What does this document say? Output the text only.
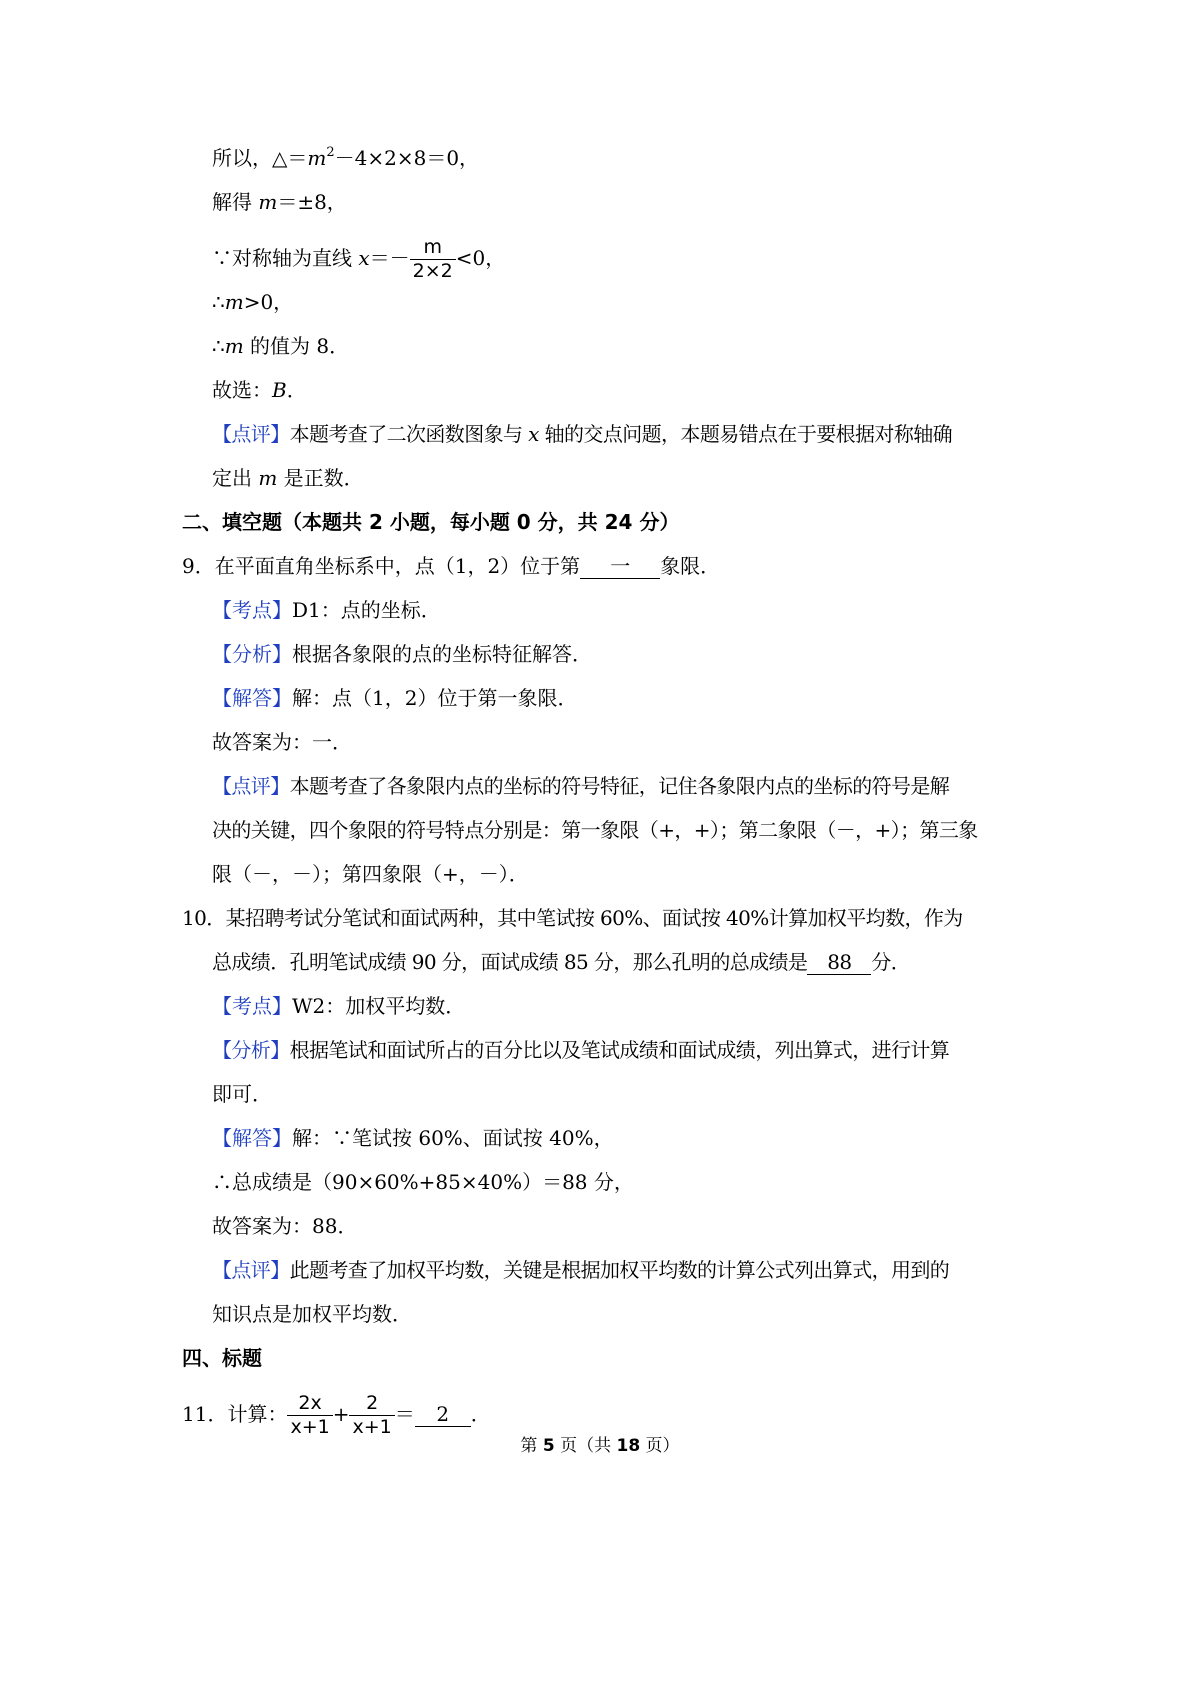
所以，$\triangle=m^2-4\times 2\times 8=0$，
解得 m＝±8，
∵对称轴为直线 $x=- \frac{m}{2\times 2} <0$，
∴m>0，
∴m 的值为 8．
故选：B．
【点评】本题考查了二次函数图象与 x 轴的交点问题，本题易错点在于要根据对称轴确
定出 m 是正数．
二、填空题（本题共 2 小题，每小题 0 分，共 24 分）
9．在平面直角坐标系中，点（1，2）位于第 一 象限．
【考点】D1：点的坐标．
【分析】根据各象限的点的坐标特征解答．
【解答】解：点（1，2）位于第一象限．
故答案为：一．
【点评】本题考查了各象限内点的坐标的符号特征，记住各象限内点的坐标的符号是解
决的关键，四个象限的符号特点分别是：第一象限（+，+）；第二象限（－，+）；第三象
限（－，－）；第四象限（+，－）．
10．某招聘考试分笔试和面试两种，其中笔试按 60%、面试按 40%计算加权平均数，作为
总成绩．孔明笔试成绩 90 分，面试成绩 85 分，那么孔明的总成绩是 88 分．
【考点】W2：加权平均数．
【分析】根据笔试和面试所占的百分比以及笔试成绩和面试成绩，列出算式，进行计算
即可．
【解答】解：∵笔试按 60%、面试按 40%，
∴总成绩是（90×60%+85×40%）＝88 分，
故答案为：88．
【点评】此题考查了加权平均数，关键是根据加权平均数的计算公式列出算式，用到的
知识点是加权平均数．
四、标题
11．计算： $\frac{2x}{x+1} + \frac{2}{x+1} = 2$ ．
第 5 页（共 18 页）
